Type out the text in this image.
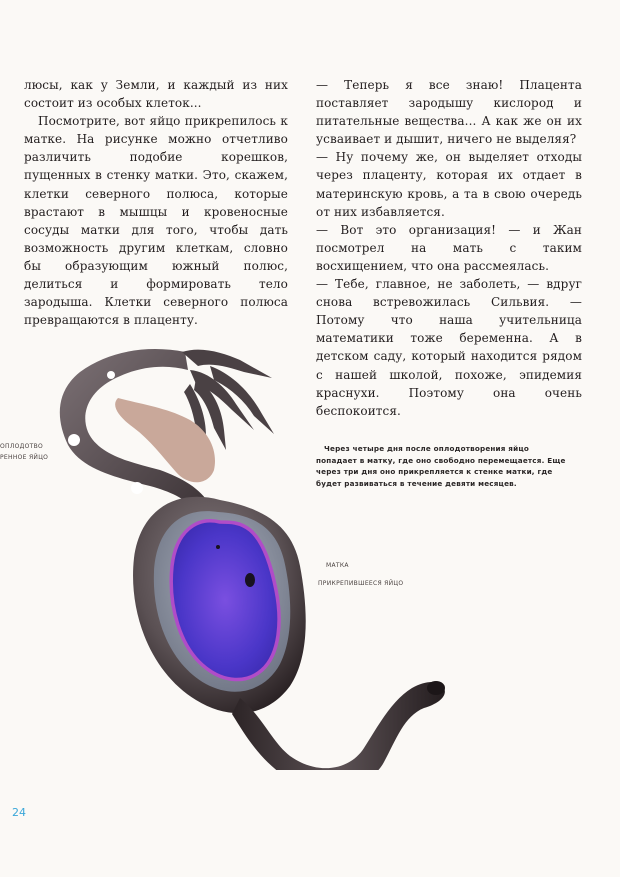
люсы, как у Земли, и каждый из них состоит из особых клеток...

Посмотрите, вот яйцо прикрепилось к матке. На рисунке можно отчетливо различить подобие корешков, пущенных в стенку матки. Это, скажем, клетки северного полюса, которые врастают в мышцы и кровеносные сосуды матки для того, чтобы дать возможность другим клеткам, словно бы образующим южный полюс, делиться и формировать тело зародыша. Клетки северного полюса превращаются в плаценту.

— Теперь я все знаю! Плацента поставляет зародышу кислород и питательные вещества... А как же он их усваивает и дышит, ничего не выделяя?

— Ну почему же, он выделяет отходы через плаценту, которая их отдает в материнскую кровь, а та в свою очередь от них избавляется.

— Вот это организация! — и Жан посмотрел на мать с таким восхищением, что она рассмеялась.

— Тебе, главное, не заболеть, — вдруг снова встревожилась Сильвия. — Потому что наша учительница математики тоже беременна. А в детском саду, который находится рядом с нашей школой, похоже, эпидемия краснухи. Поэтому она очень беспокоится.

Через четыре дня после оплодотворения яйцо попадает в матку, где оно свободно перемещается. Еще через три дня оно прикрепляется к стенке матки, где будет развиваться в течение девяти месяцев.
ОПЛОДОТВО
РЕННОЕ ЯЙЦО
МАТКА
ПРИКРЕПИВШЕЕСЯ ЯЙЦО
24
